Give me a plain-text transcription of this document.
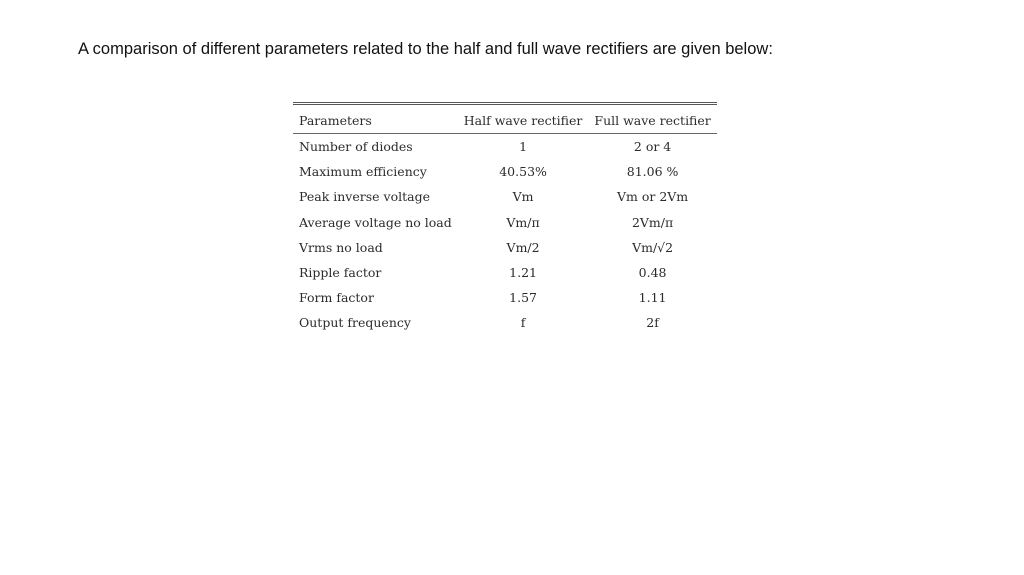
A comparison of different parameters related to the half and full wave rectifiers are given below:
Parameters	Half wave rectifier	Full wave rectifier
Number of diodes	1	2 or 4
Maximum efficiency	40.53%	81.06 %
Peak inverse voltage	Vm	Vm or 2Vm
Average voltage no load	Vm/π	2Vm/π
Vrms no load	Vm/2	Vm/√2
Ripple factor	1.21	0.48
Form factor	1.57	1.11
Output frequency	f	2f
